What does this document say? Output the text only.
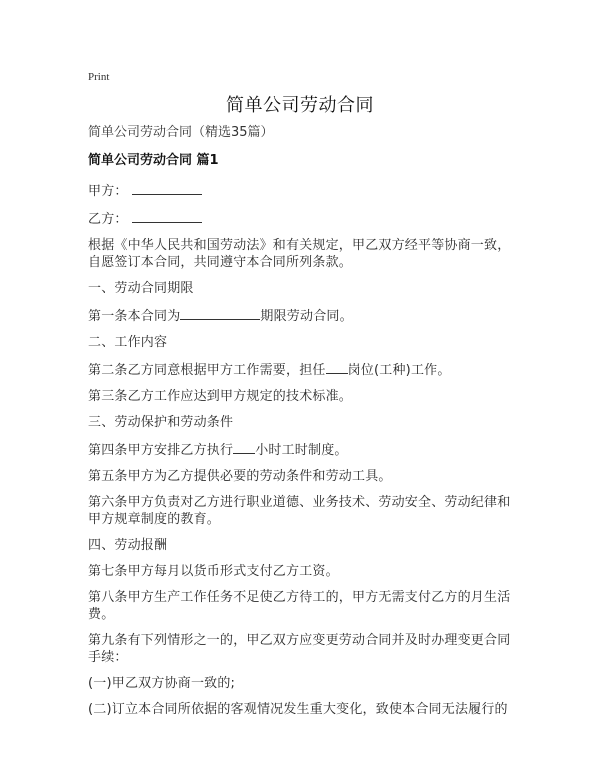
Print
简单公司劳动合同

简单公司劳动合同（精选35篇）

简单公司劳动合同 篇1

甲方：

乙方：

根据《中华人民共和国劳动法》和有关规定，甲乙双方经平等协商一致，自愿签订本合同，共同遵守本合同所列条款。

一、劳动合同期限

第一条本合同为	期限劳动合同。

二、工作内容

第二条乙方同意根据甲方工作需要，担任 岗位(工种)工作。

第三条乙方工作应达到甲方规定的技术标准。

三、劳动保护和劳动条件

第四条甲方安排乙方执行 小时工时制度。

第五条甲方为乙方提供必要的劳动条件和劳动工具。

第六条甲方负责对乙方进行职业道德、业务技术、劳动安全、劳动纪律和甲方规章制度的教育。

四、劳动报酬

第七条甲方每月以货币形式支付乙方工资。

第八条甲方生产工作任务不足使乙方待工的，甲方无需支付乙方的月生活费。

第九条有下列情形之一的，甲乙双方应变更劳动合同并及时办理变更合同手续：

(一)甲乙双方协商一致的;

(二)订立本合同所依据的客观情况发生重大变化，致使本合同无法履行的
